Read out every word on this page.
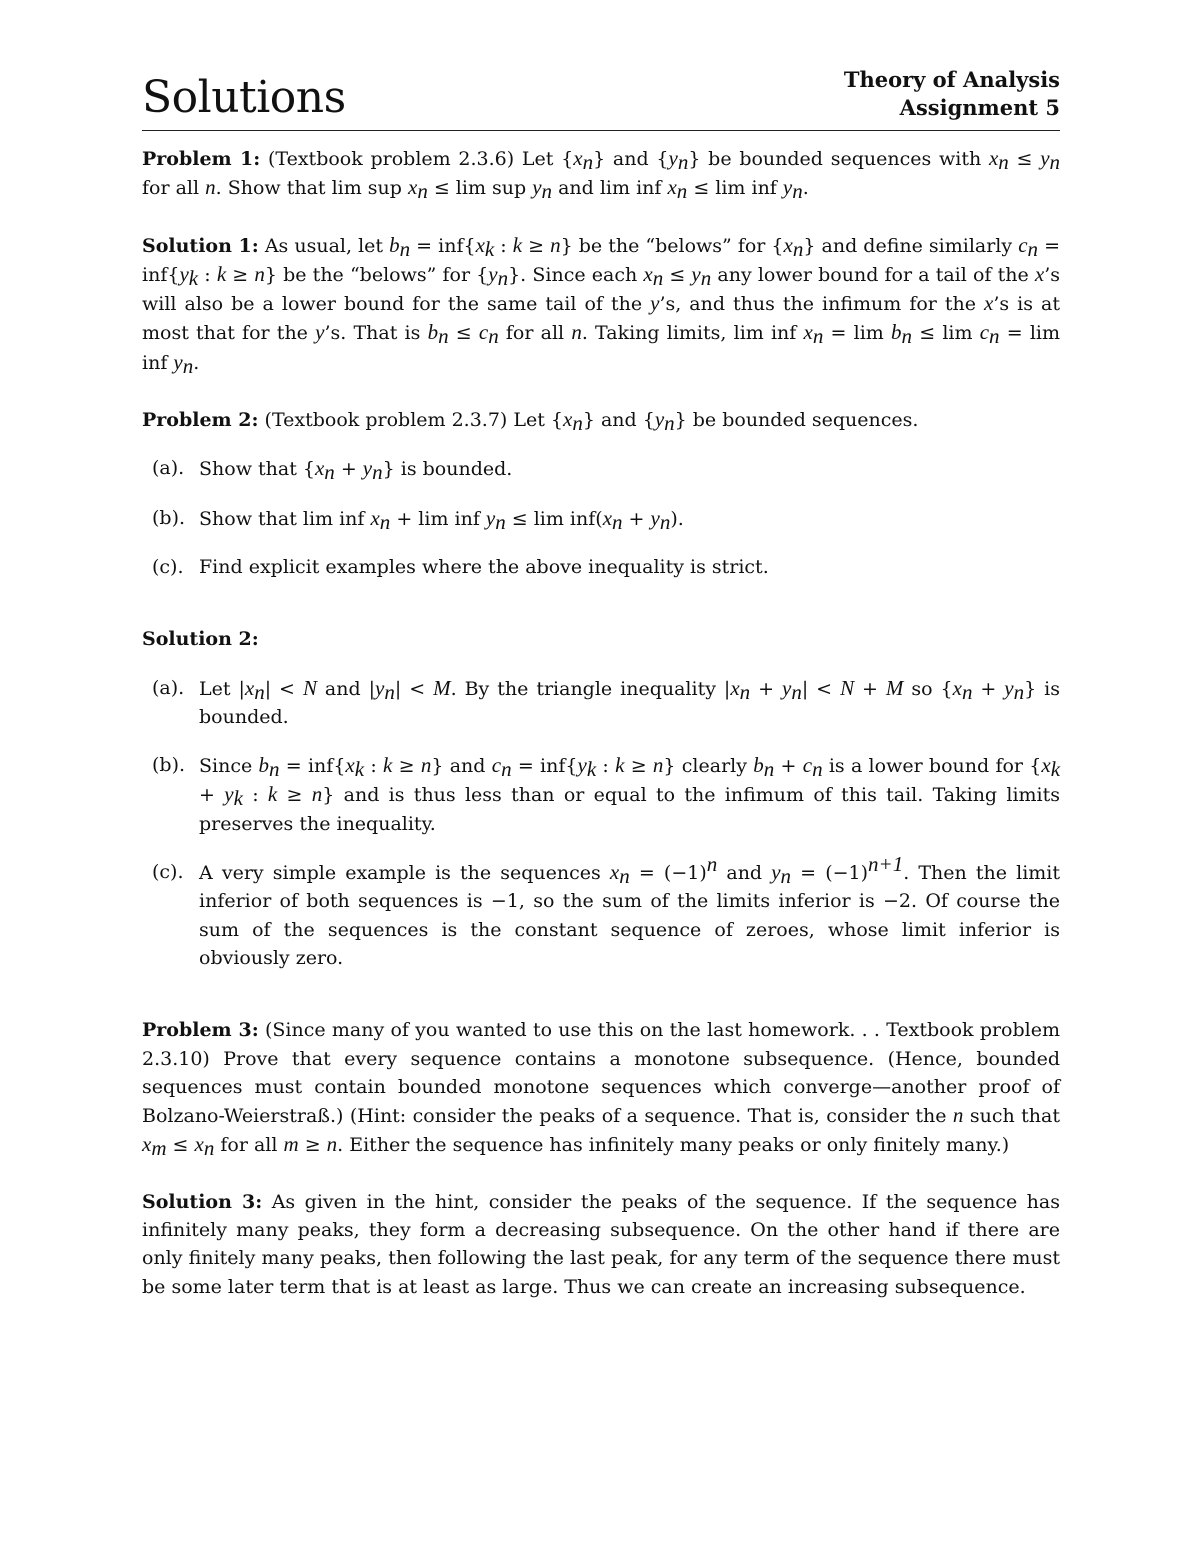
Solutions	Theory of Analysis
Assignment 5

Problem 1: (Textbook problem 2.3.6) Let $\{x_n\}$ and $\{y_n\}$ be bounded sequences with $x_n \le y_n$ for all n. Show that lim sup $x_n \le \lim$ sup $y_n$ and lim inf $x_n \le \lim$ inf $y_n$.

Solution 1: As usual, let $b_n = inf\{x_k$ : k ≥ n} be the “belows” for $\{x_n\}$ and define similarly $c_n = inf\{y_k$ : k ≥ n} be the “belows” for $\{y_n\}$. Since each $x_n \le y_n$ any lower bound for a tail of the x’s will also be a lower bound for the same tail of the y’s, and thus the infimum for the x’s is at most that for the y’s. That is $b_n \le c_n$ for all n. Taking limits, lim inf $x_n = \lim b_n \le \lim c_n = \lim$ inf $y_n$.

Problem 2: (Textbook problem 2.3.7) Let $\{x_n\}$ and $\{y_n\}$ be bounded sequences.

(a). Show that $\{x_n + y_n\}$ is bounded.
(b). Show that lim inf $x_n + \lim$ inf $y_n \le \lim inf(x_n + y_n)$.
(c). Find explicit examples where the above inequality is strict.

Solution 2:

(a). Let $|x_n| < N$ and $|y_n| < M$. By the triangle inequality $|x_n + y_n| < N + M$ so $\{x_n + y_n\}$ is bounded.
(b). Since $b_n = inf\{x_k$ : k ≥ n} and $c_n = inf\{y_k$ : k ≥ n} clearly $b_n + c_n$ is a lower bound for {$x_k + y_k$ : k ≥ n} and is thus less than or equal to the infimum of this tail. Taking limits preserves the inequality.
(c). A very simple example is the sequences $x_n = (-1)^n$ and $y_n = (-1)^{n+1}$. Then the limit inferior of both sequences is −1, so the sum of the limits inferior is −2. Of course the sum of the sequences is the constant sequence of zeroes, whose limit inferior is obviously zero.

Problem 3: (Since many of you wanted to use this on the last homework. . . Textbook problem 2.3.10) Prove that every sequence contains a monotone subsequence. (Hence, bounded sequences must contain bounded monotone sequences which converge—another proof of Bolzano-Weierstraß.) (Hint: consider the peaks of a sequence. That is, consider the n such that $x_m \le x_n$ for all m ≥ n. Either the sequence has infinitely many peaks or only finitely many.)

Solution 3: As given in the hint, consider the peaks of the sequence. If the sequence has infinitely many peaks, they form a decreasing subsequence. On the other hand if there are only finitely many peaks, then following the last peak, for any term of the sequence there must be some later term that is at least as large. Thus we can create an increasing subsequence.
